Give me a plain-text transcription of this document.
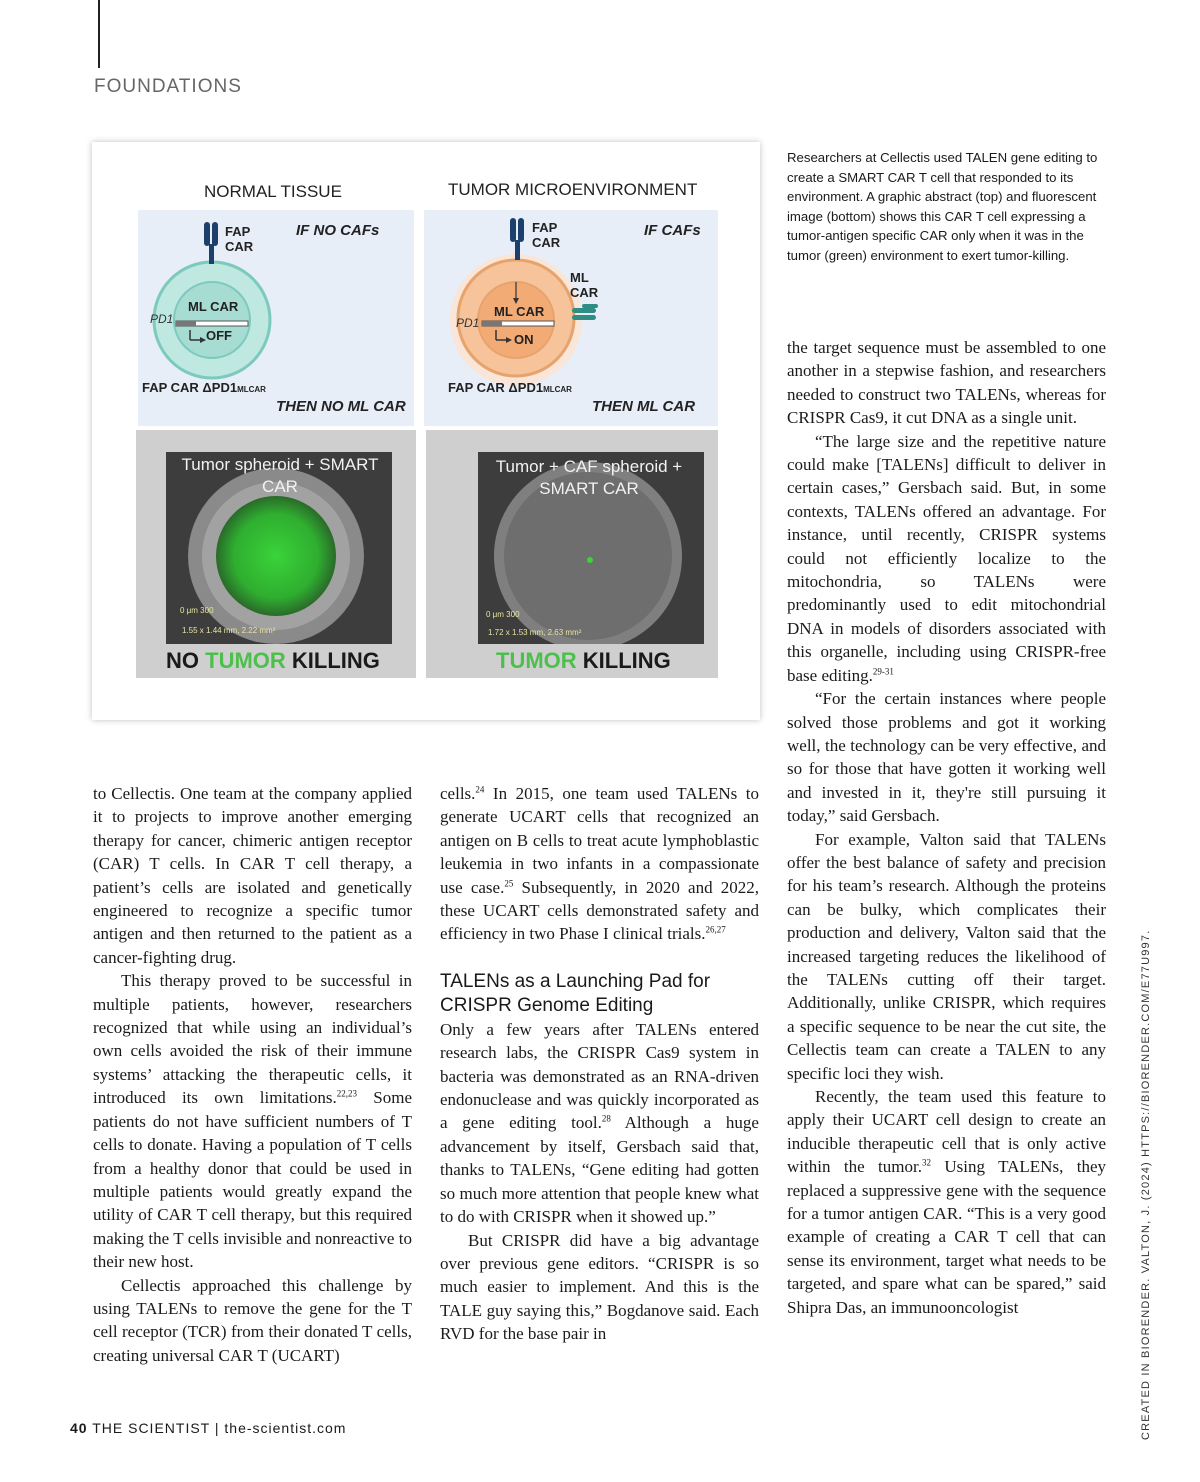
FOUNDATIONS
NORMAL TISSUE	TUMOR MICROENVIRONMENT
FAP CAR
FAP CAR
IF NO CAFs	IF CAFs
ML CAR	ML CAR
ML CAR
PD1	PD1
OFF	ON
FAP CAR ΔPD1MLCAR	FAP CAR ΔPD1MLCAR
THEN NO ML CAR	THEN ML CAR
Tumor spheroid + SMART CAR
Tumor + CAF spheroid + SMART CAR
0 μm 300
1.55 x 1.44 mm, 2.22 mm²
0 μm 300
1.72 x 1.53 mm, 2.63 mm²
NO TUMOR KILLING	TUMOR KILLING
Researchers at Cellectis used TALEN gene editing to create a SMART CAR T cell that responded to its environment. A graphic abstract (top) and fluorescent image (bottom) shows this CAR T cell expressing a tumor-antigen specific CAR only when it was in the tumor (green) environment to exert tumor-killing.

to Cellectis. One team at the company applied it to projects to improve another emerging therapy for cancer, chimeric antigen receptor (CAR) T cells. In CAR T cell therapy, a patient’s cells are isolated and genetically engineered to recognize a specific tumor antigen and then returned to the patient as a cancer-fighting drug.

This therapy proved to be successful in multiple patients, however, researchers recognized that while using an individual’s own cells avoided the risk of their immune systems’ attacking the therapeutic cells, it introduced its own limitations.$^{22,23}$ Some patients do not have sufficient numbers of T cells to donate. Having a population of T cells from a healthy donor that could be used in multiple patients would greatly expand the utility of CAR T cell therapy, but this required making the T cells invisible and nonreactive to their new host.

Cellectis approached this challenge by using TALENs to remove the gene for the T cell receptor (TCR) from their donated T cells, creating universal CAR T (UCART)

cells.$^{24}$ In 2015, one team used TALENs to generate UCART cells that recognized an antigen on B cells to treat acute lymphoblastic leukemia in two infants in a compassionate use case.$^{25}$ Subsequently, in 2020 and 2022, these UCART cells demonstrated safety and efficiency in two Phase I clinical trials.$^{26,27}$

TALENs as a Launching Pad for CRISPR Genome Editing

Only a few years after TALENs entered research labs, the CRISPR Cas9 system in bacteria was demonstrated as an RNA-driven endonuclease and was quickly incorporated as a gene editing tool.$^{28}$ Although a huge advancement by itself, Gersbach said that, thanks to TALENs, “Gene editing had gotten so much more attention that people knew what to do with CRISPR when it showed up.”

But CRISPR did have a big advantage over previous gene editors. “CRISPR is so much easier to implement. And this is the TALE guy saying this,” Bogdanove said. Each RVD for the base pair in

the target sequence must be assembled to one another in a stepwise fashion, and researchers needed to construct two TALENs, whereas for CRISPR Cas9, it cut DNA as a single unit.

“The large size and the repetitive nature could make [TALENs] difficult to deliver in certain cases,” Gersbach said. But, in some contexts, TALENs offered an advantage. For instance, until recently, CRISPR systems could not efficiently localize to the mitochondria, so TALENs were predominantly used to edit mitochondrial DNA in models of disorders associated with this organelle, including using CRISPR-free base editing.$^{29-31}$

“For the certain instances where people solved those problems and got it working well, the technology can be very effective, and so for those that have gotten it working well and invested in it, they're still pursuing it today,” said Gersbach.

For example, Valton said that TALENs offer the best balance of safety and precision for his team’s research. Although the proteins can be bulky, which complicates their production and delivery, Valton said that the increased targeting reduces the likelihood of the TALENs cutting off their target. Additionally, unlike CRISPR, which requires a specific sequence to be near the cut site, the Cellectis team can create a TALEN to any specific loci they wish.

Recently, the team used this feature to apply their UCART cell design to create an inducible therapeutic cell that is only active within the tumor.$^{32}$ Using TALENs, they replaced a suppressive gene with the sequence for a tumor antigen CAR. “This is a very good example of creating a CAR T cell that can sense its environment, target what needs to be targeted, and spare what can be spared,” said Shipra Das, an immunooncologist

40 THE SCIENTIST | the-scientist.com	CREATED IN BIORENDER. VALTON, J. (2024) HTTPS://BIORENDER.COM/E77U997.
